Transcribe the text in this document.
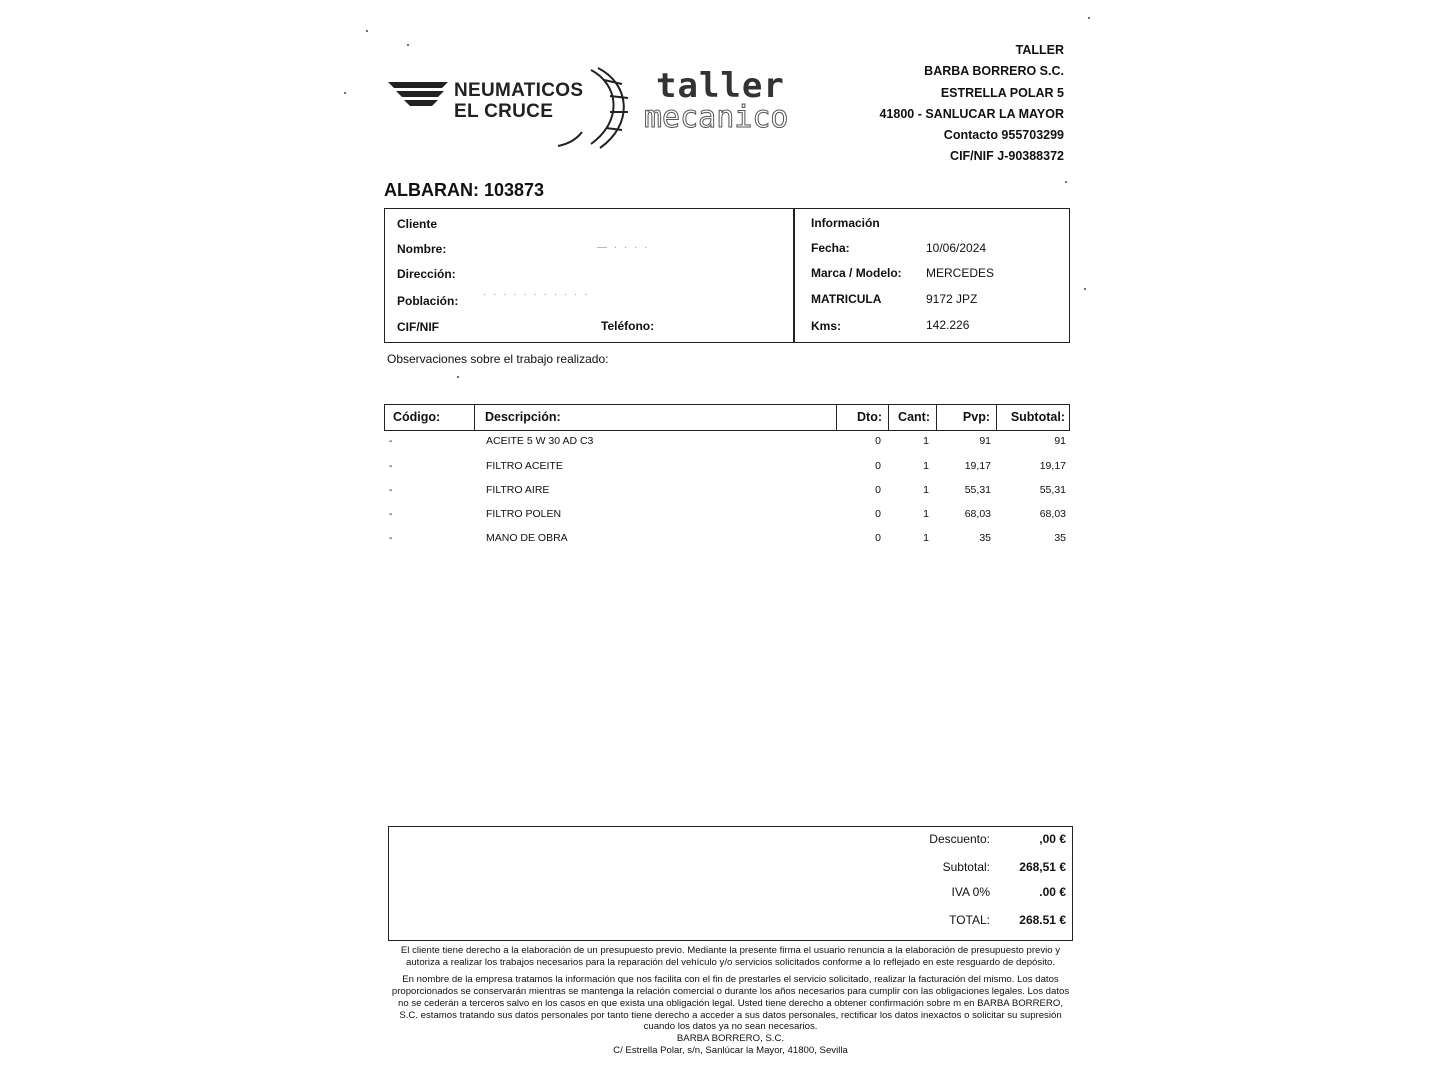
NEUMATICOS
EL CRUCE
taller
mecanico
TALLER
BARBA BORRERO S.C.
ESTRELLA POLAR 5
41800 - SANLUCAR LA MAYOR
Contacto 955703299
CIF/NIF J-90388372
ALBARAN: 103873
Cliente
Nombre:	— · · · ·
Dirección:
Población: · · · · · · · · · · ·
CIF/NIF	Teléfono:
Información
Fecha:	10/06/2024
Marca / Modelo: MERCEDES
MATRICULA	9172 JPZ
Kms:	142.226
Observaciones sobre el trabajo realizado:
Código:	Descripción:	Dto:	Cant:	Pvp:	Subtotal:
-	ACEITE 5 W 30 AD C3	0	1	91	91
-	FILTRO ACEITE	0	1	19,17	19,17
-	FILTRO AIRE	0	1	55,31	55,31
-	FILTRO POLEN	0	1	68,03	68,03
-	MANO DE OBRA	0	1	35	35
Descuento:	,00 €
Subtotal: 268,51 €
IVA 0%	.00 €
TOTAL: 268.51 €

El cliente tiene derecho a la elaboración de un presupuesto previo. Mediante la presente firma el usuario renuncia a la elaboración de presupuesto previo y autoriza a realizar los trabajos necesarios para la reparación del vehículo y/o servicios solicitados conforme a lo reflejado en este resguardo de depósito.

En nombre de la empresa tratamos la información que nos facilita con el fin de prestarles el servicio solicitado, realizar la facturación del mismo. Los datos proporcionados se conservarán mientras se mantenga la relación comercial o durante los años necesarios para cumplir con las obligaciones legales. Los datos no se cederán a terceros salvo en los casos en que exista una obligación legal. Usted tiene derecho a obtener confirmación sobre m en BARBA BORRERO, S.C. estamos tratando sus datos personales por tanto tiene derecho a acceder a sus datos personales, rectificar los datos inexactos o solicitar su supresión cuando los datos ya no sean necesarios.

BARBA BORRERO, S.C.

C/ Estrella Polar, s/n, Sanlúcar la Mayor, 41800, Sevilla
